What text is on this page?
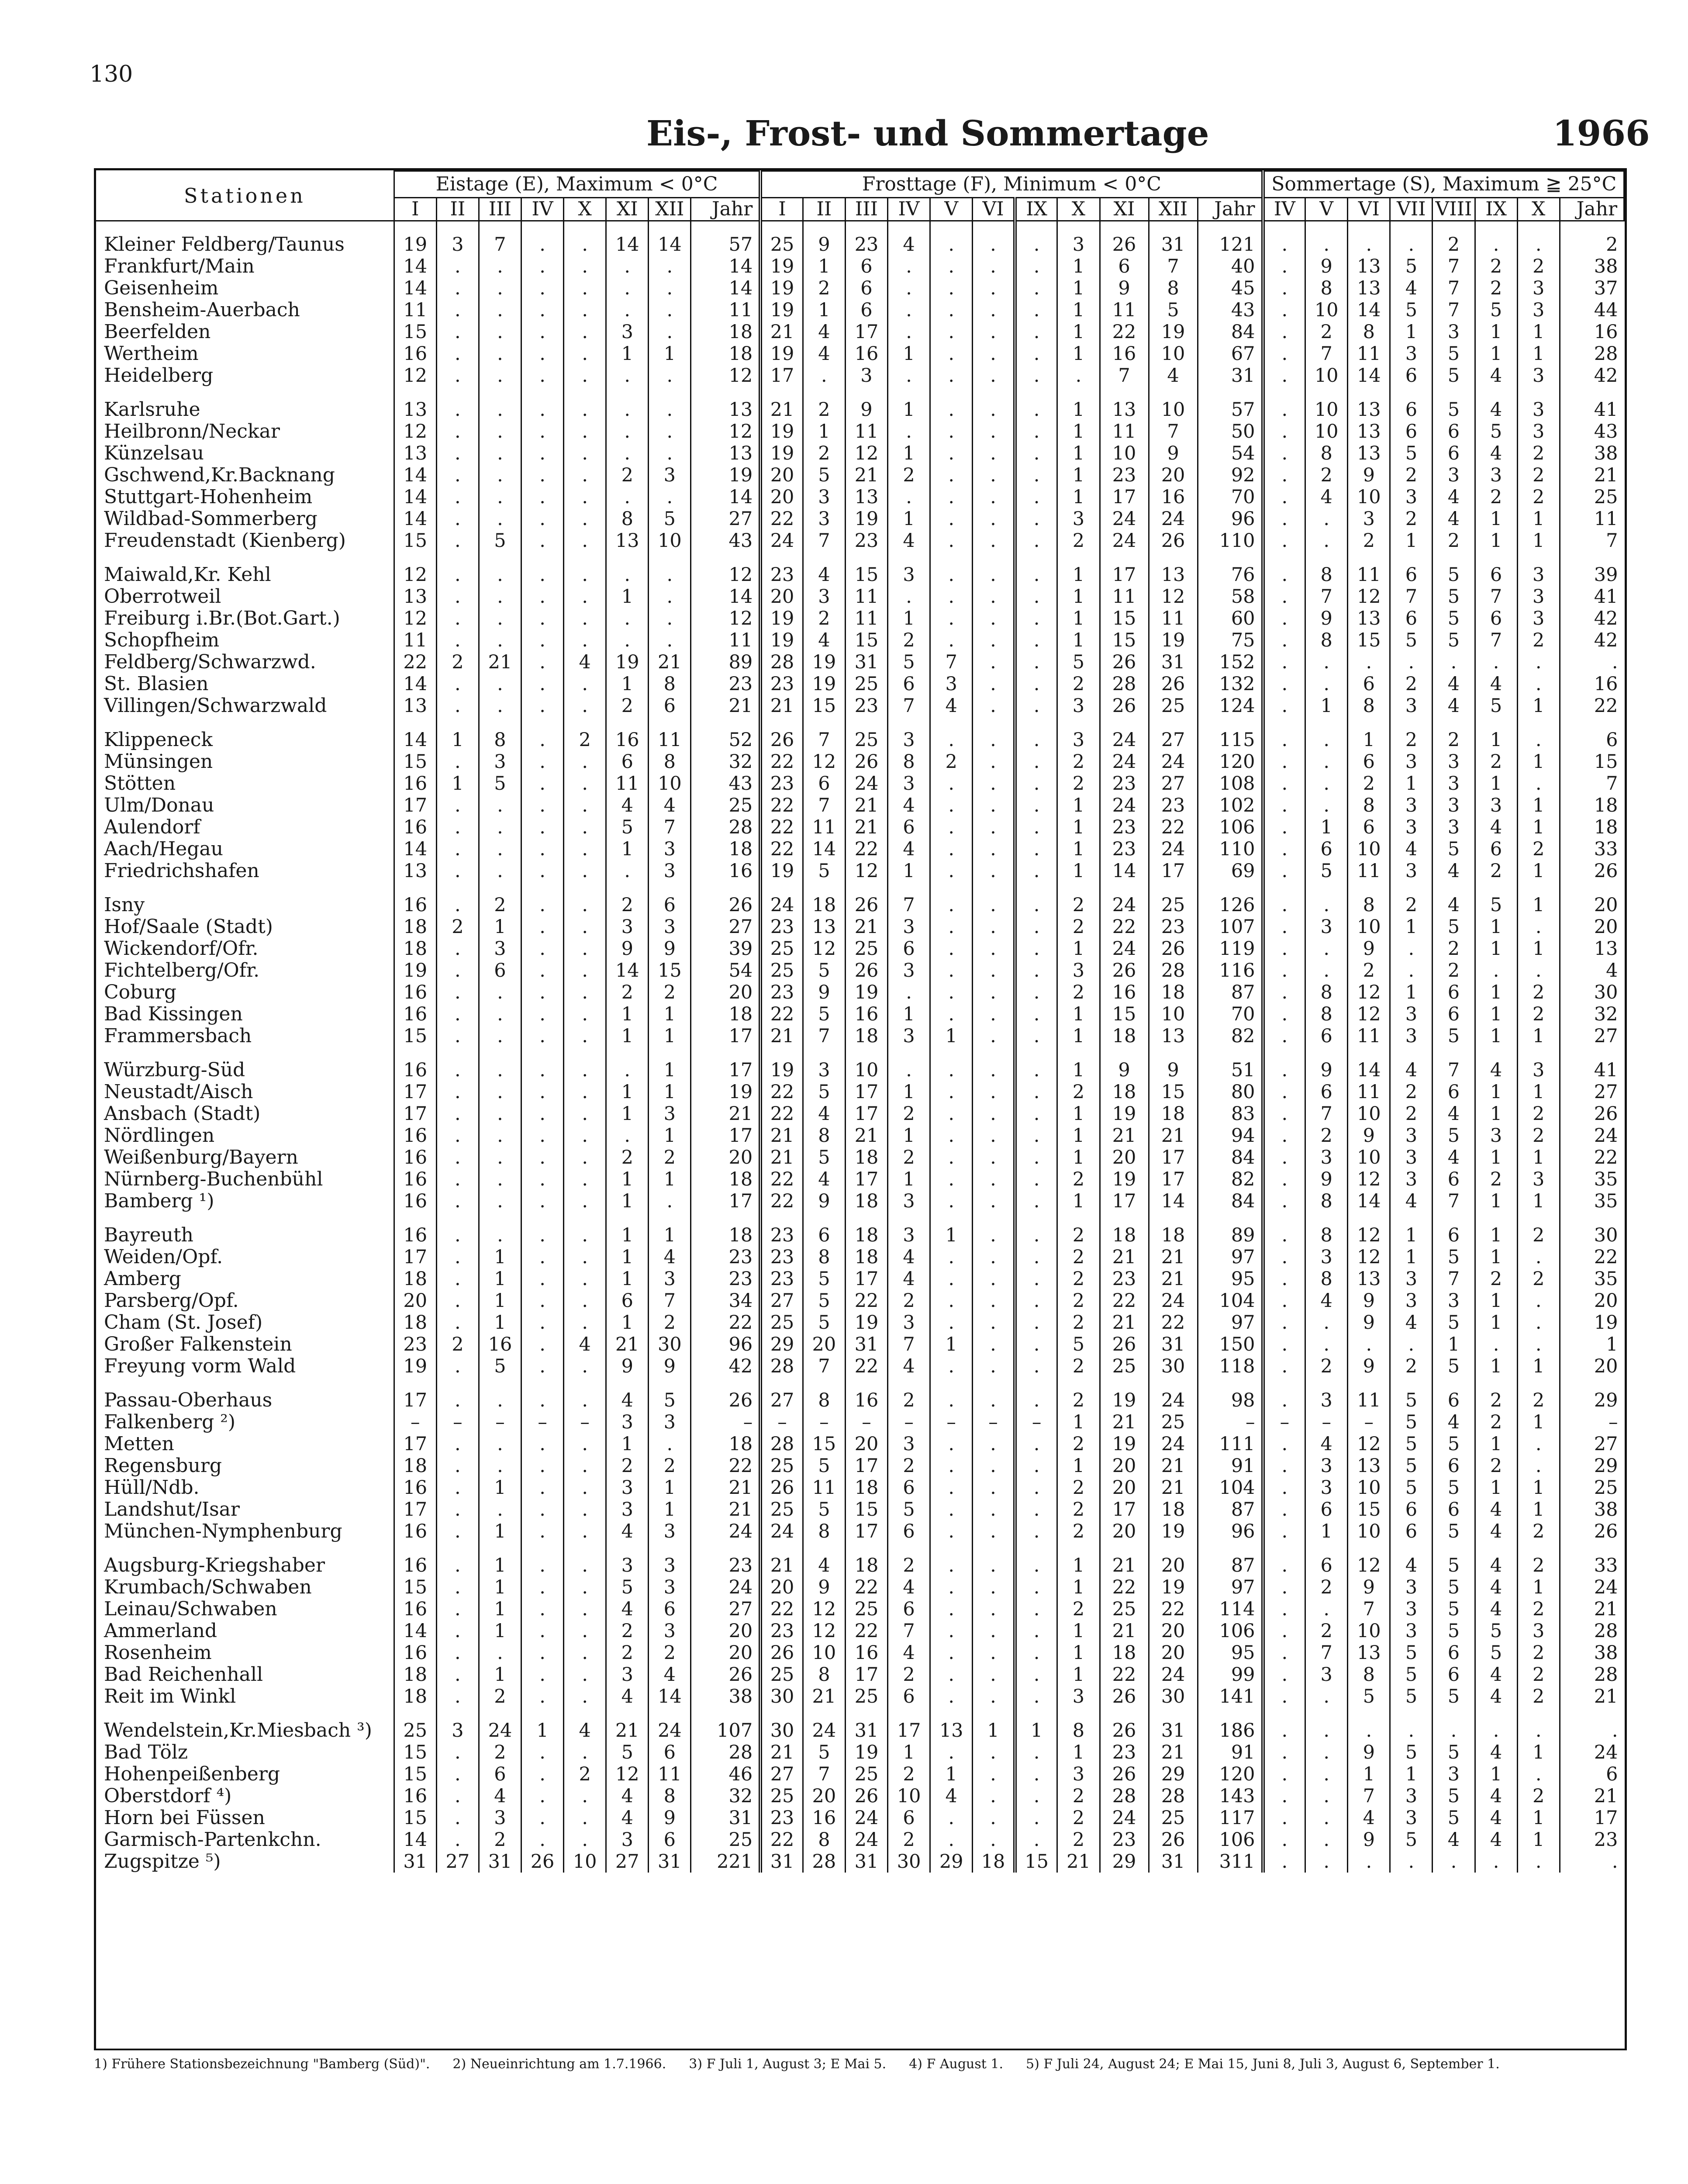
130
Eis-, Frost- und Sommertage	1966
Stationen	Eistage (E), Maximum < 0°C								Frosttage (F), Minimum < 0°C											Sommertage (S), Maximum ≧ 25°C							
	I	II	III	IV	X	XI	XII	Jahr	I	II	III	IV	V	VI	IX	X	XI	XII	Jahr	IV	V	VI	VII	VIII	IX	X	Jahr

Kleiner Feldberg/Taunus	19	3	7	.	.	14	14	57	25	9	23	4	.	.	.	3	26	31	121	.	.	.	.	2	.	.	2
Frankfurt/Main	14	.	.	.	.	.	.	14	19	1	6	.	.	.	.	1	6	7	40	.	9	13	5	7	2	2	38
Geisenheim	14	.	.	.	.	.	.	14	19	2	6	.	.	.	.	1	9	8	45	.	8	13	4	7	2	3	37
Bensheim-Auerbach	11	.	.	.	.	.	.	11	19	1	6	.	.	.	.	1	11	5	43	.	10	14	5	7	5	3	44
Beerfelden	15	.	.	.	.	3	.	18	21	4	17	.	.	.	.	1	22	19	84	.	2	8	1	3	1	1	16
Wertheim	16	.	.	.	.	1	1	18	19	4	16	1	.	.	.	1	16	10	67	.	7	11	3	5	1	1	28
Heidelberg	12	.	.	.	.	.	.	12	17	.	3	.	.	.	.	.	7	4	31	.	10	14	6	5	4	3	42

Karlsruhe	13	.	.	.	.	.	.	13	21	2	9	1	.	.	.	1	13	10	57	.	10	13	6	5	4	3	41
Heilbronn/Neckar	12	.	.	.	.	.	.	12	19	1	11	.	.	.	.	1	11	7	50	.	10	13	6	6	5	3	43
Künzelsau	13	.	.	.	.	.	.	13	19	2	12	1	.	.	.	1	10	9	54	.	8	13	5	6	4	2	38
Gschwend,Kr.Backnang	14	.	.	.	.	2	3	19	20	5	21	2	.	.	.	1	23	20	92	.	2	9	2	3	3	2	21
Stuttgart-Hohenheim	14	.	.	.	.	.	.	14	20	3	13	.	.	.	.	1	17	16	70	.	4	10	3	4	2	2	25
Wildbad-Sommerberg	14	.	.	.	.	8	5	27	22	3	19	1	.	.	.	3	24	24	96	.	.	3	2	4	1	1	11
Freudenstadt (Kienberg)	15	.	5	.	.	13	10	43	24	7	23	4	.	.	.	2	24	26	110	.	.	2	1	2	1	1	7

Maiwald,Kr. Kehl	12	.	.	.	.	.	.	12	23	4	15	3	.	.	.	1	17	13	76	.	8	11	6	5	6	3	39
Oberrotweil	13	.	.	.	.	1	.	14	20	3	11	.	.	.	.	1	11	12	58	.	7	12	7	5	7	3	41
Freiburg i.Br.(Bot.Gart.)	12	.	.	.	.	.	.	12	19	2	11	1	.	.	.	1	15	11	60	.	9	13	6	5	6	3	42
Schopfheim	11	.	.	.	.	.	.	11	19	4	15	2	.	.	.	1	15	19	75	.	8	15	5	5	7	2	42
Feldberg/Schwarzwd.	22	2	21	.	4	19	21	89	28	19	31	5	7	.	.	5	26	31	152	.	.	.	.	.	.	.	.
St. Blasien	14	.	.	.	.	1	8	23	23	19	25	6	3	.	.	2	28	26	132	.	.	6	2	4	4	.	16
Villingen/Schwarzwald	13	.	.	.	.	2	6	21	21	15	23	7	4	.	.	3	26	25	124	.	1	8	3	4	5	1	22

Klippeneck	14	1	8	.	2	16	11	52	26	7	25	3	.	.	.	3	24	27	115	.	.	1	2	2	1	.	6
Münsingen	15	.	3	.	.	6	8	32	22	12	26	8	2	.	.	2	24	24	120	.	.	6	3	3	2	1	15
Stötten	16	1	5	.	.	11	10	43	23	6	24	3	.	.	.	2	23	27	108	.	.	2	1	3	1	.	7
Ulm/Donau	17	.	.	.	.	4	4	25	22	7	21	4	.	.	.	1	24	23	102	.	.	8	3	3	3	1	18
Aulendorf	16	.	.	.	.	5	7	28	22	11	21	6	.	.	.	1	23	22	106	.	1	6	3	3	4	1	18
Aach/Hegau	14	.	.	.	.	1	3	18	22	14	22	4	.	.	.	1	23	24	110	.	6	10	4	5	6	2	33
Friedrichshafen	13	.	.	.	.	.	3	16	19	5	12	1	.	.	.	1	14	17	69	.	5	11	3	4	2	1	26

Isny	16	.	2	.	.	2	6	26	24	18	26	7	.	.	.	2	24	25	126	.	.	8	2	4	5	1	20
Hof/Saale (Stadt)	18	2	1	.	.	3	3	27	23	13	21	3	.	.	.	2	22	23	107	.	3	10	1	5	1	.	20
Wickendorf/Ofr.	18	.	3	.	.	9	9	39	25	12	25	6	.	.	.	1	24	26	119	.	.	9	.	2	1	1	13
Fichtelberg/Ofr.	19	.	6	.	.	14	15	54	25	5	26	3	.	.	.	3	26	28	116	.	.	2	.	2	.	.	4
Coburg	16	.	.	.	.	2	2	20	23	9	19	.	.	.	.	2	16	18	87	.	8	12	1	6	1	2	30
Bad Kissingen	16	.	.	.	.	1	1	18	22	5	16	1	.	.	.	1	15	10	70	.	8	12	3	6	1	2	32
Frammersbach	15	.	.	.	.	1	1	17	21	7	18	3	1	.	.	1	18	13	82	.	6	11	3	5	1	1	27

Würzburg-Süd	16	.	.	.	.	.	1	17	19	3	10	.	.	.	.	1	9	9	51	.	9	14	4	7	4	3	41
Neustadt/Aisch	17	.	.	.	.	1	1	19	22	5	17	1	.	.	.	2	18	15	80	.	6	11	2	6	1	1	27
Ansbach (Stadt)	17	.	.	.	.	1	3	21	22	4	17	2	.	.	.	1	19	18	83	.	7	10	2	4	1	2	26
Nördlingen	16	.	.	.	.	.	1	17	21	8	21	1	.	.	.	1	21	21	94	.	2	9	3	5	3	2	24
Weißenburg/Bayern	16	.	.	.	.	2	2	20	21	5	18	2	.	.	.	1	20	17	84	.	3	10	3	4	1	1	22
Nürnberg-Buchenbühl	16	.	.	.	.	1	1	18	22	4	17	1	.	.	.	2	19	17	82	.	9	12	3	6	2	3	35
Bamberg ¹)	16	.	.	.	.	1	.	17	22	9	18	3	.	.	.	1	17	14	84	.	8	14	4	7	1	1	35

Bayreuth	16	.	.	.	.	1	1	18	23	6	18	3	1	.	.	2	18	18	89	.	8	12	1	6	1	2	30
Weiden/Opf.	17	.	1	.	.	1	4	23	23	8	18	4	.	.	.	2	21	21	97	.	3	12	1	5	1	.	22
Amberg	18	.	1	.	.	1	3	23	23	5	17	4	.	.	.	2	23	21	95	.	8	13	3	7	2	2	35
Parsberg/Opf.	20	.	1	.	.	6	7	34	27	5	22	2	.	.	.	2	22	24	104	.	4	9	3	3	1	.	20
Cham (St. Josef)	18	.	1	.	.	1	2	22	25	5	19	3	.	.	.	2	21	22	97	.	.	9	4	5	1	.	19
Großer Falkenstein	23	2	16	.	4	21	30	96	29	20	31	7	1	.	.	5	26	31	150	.	.	.	.	1	.	.	1
Freyung vorm Wald	19	.	5	.	.	9	9	42	28	7	22	4	.	.	.	2	25	30	118	.	2	9	2	5	1	1	20

Passau-Oberhaus	17	.	.	.	.	4	5	26	27	8	16	2	.	.	.	2	19	24	98	.	3	11	5	6	2	2	29
Falkenberg ²)	–	–	–	–	–	3	3	–	–	–	–	–	–	–	–	1	21	25	–	–	–	–	5	4	2	1	–
Metten	17	.	.	.	.	1	.	18	28	15	20	3	.	.	.	2	19	24	111	.	4	12	5	5	1	.	27
Regensburg	18	.	.	.	.	2	2	22	25	5	17	2	.	.	.	1	20	21	91	.	3	13	5	6	2	.	29
Hüll/Ndb.	16	.	1	.	.	3	1	21	26	11	18	6	.	.	.	2	20	21	104	.	3	10	5	5	1	1	25
Landshut/Isar	17	.	.	.	.	3	1	21	25	5	15	5	.	.	.	2	17	18	87	.	6	15	6	6	4	1	38
München-Nymphenburg	16	.	1	.	.	4	3	24	24	8	17	6	.	.	.	2	20	19	96	.	1	10	6	5	4	2	26

Augsburg-Kriegshaber	16	.	1	.	.	3	3	23	21	4	18	2	.	.	.	1	21	20	87	.	6	12	4	5	4	2	33
Krumbach/Schwaben	15	.	1	.	.	5	3	24	20	9	22	4	.	.	.	1	22	19	97	.	2	9	3	5	4	1	24
Leinau/Schwaben	16	.	1	.	.	4	6	27	22	12	25	6	.	.	.	2	25	22	114	.	.	7	3	5	4	2	21
Ammerland	14	.	1	.	.	2	3	20	23	12	22	7	.	.	.	1	21	20	106	.	2	10	3	5	5	3	28
Rosenheim	16	.	.	.	.	2	2	20	26	10	16	4	.	.	.	1	18	20	95	.	7	13	5	6	5	2	38
Bad Reichenhall	18	.	1	.	.	3	4	26	25	8	17	2	.	.	.	1	22	24	99	.	3	8	5	6	4	2	28
Reit im Winkl	18	.	2	.	.	4	14	38	30	21	25	6	.	.	.	3	26	30	141	.	.	5	5	5	4	2	21

Wendelstein,Kr.Miesbach ³)	25	3	24	1	4	21	24	107	30	24	31	17	13	1	1	8	26	31	186	.	.	.	.	.	.	.	.
Bad Tölz	15	.	2	.	.	5	6	28	21	5	19	1	.	.	.	1	23	21	91	.	.	9	5	5	4	1	24
Hohenpeißenberg	15	.	6	.	2	12	11	46	27	7	25	2	1	.	.	3	26	29	120	.	.	1	1	3	1	.	6
Oberstdorf ⁴)	16	.	4	.	.	4	8	32	25	20	26	10	4	.	.	2	28	28	143	.	.	7	3	5	4	2	21
Horn bei Füssen	15	.	3	.	.	4	9	31	23	16	24	6	.	.	.	2	24	25	117	.	.	4	3	5	4	1	17
Garmisch-Partenkchn.	14	.	2	.	.	3	6	25	22	8	24	2	.	.	.	2	23	26	106	.	.	9	5	4	4	1	23
Zugspitze ⁵)	31	27	31	26	10	27	31	221	31	28	31	30	29	18	15	21	29	31	311	.	.	.	.	.	.	.	.
1) Frühere Stationsbezeichnung "Bamberg (Süd)". 2) Neueinrichtung am 1.7.1966. 3) F Juli 1, August 3; E Mai 5. 4) F August 1. 5) F Juli 24, August 24; E Mai 15, Juni 8, Juli 3, August 6, September 1.
